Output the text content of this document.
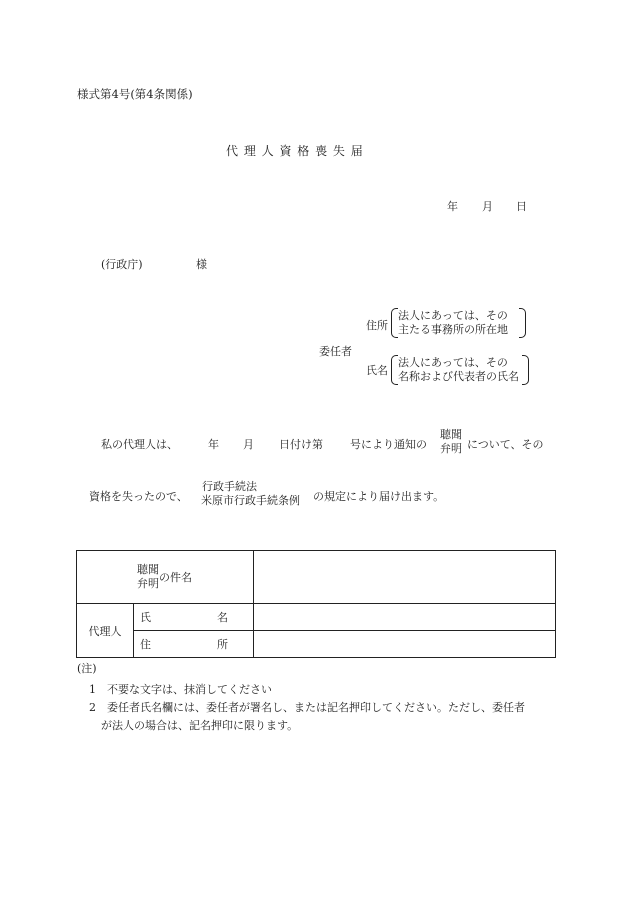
様式第4号(第4条関係)
代 理 人 資 格 喪 失 届
年 月 日
(行政庁)	様
委任者
住所
法人にあっては、その
主たる事務所の所在地
氏名
法人にあっては、その
名称および代表者の氏名
私の代理人は、	年 月 日付け第 号により通知の
聴聞
弁明 について、その
資格を失ったので、
行政手続法
米原市行政手続条例 の規定により届け出ます。
聴聞
弁明 の件名		
代理人	氏　　　　　　名	
	住　　　　　　所	
(注)
1　不要な文字は、抹消してください
2　委任者氏名欄には、委任者が署名し、または記名押印してください。ただし、委任者
が法人の場合は、記名押印に限ります。
